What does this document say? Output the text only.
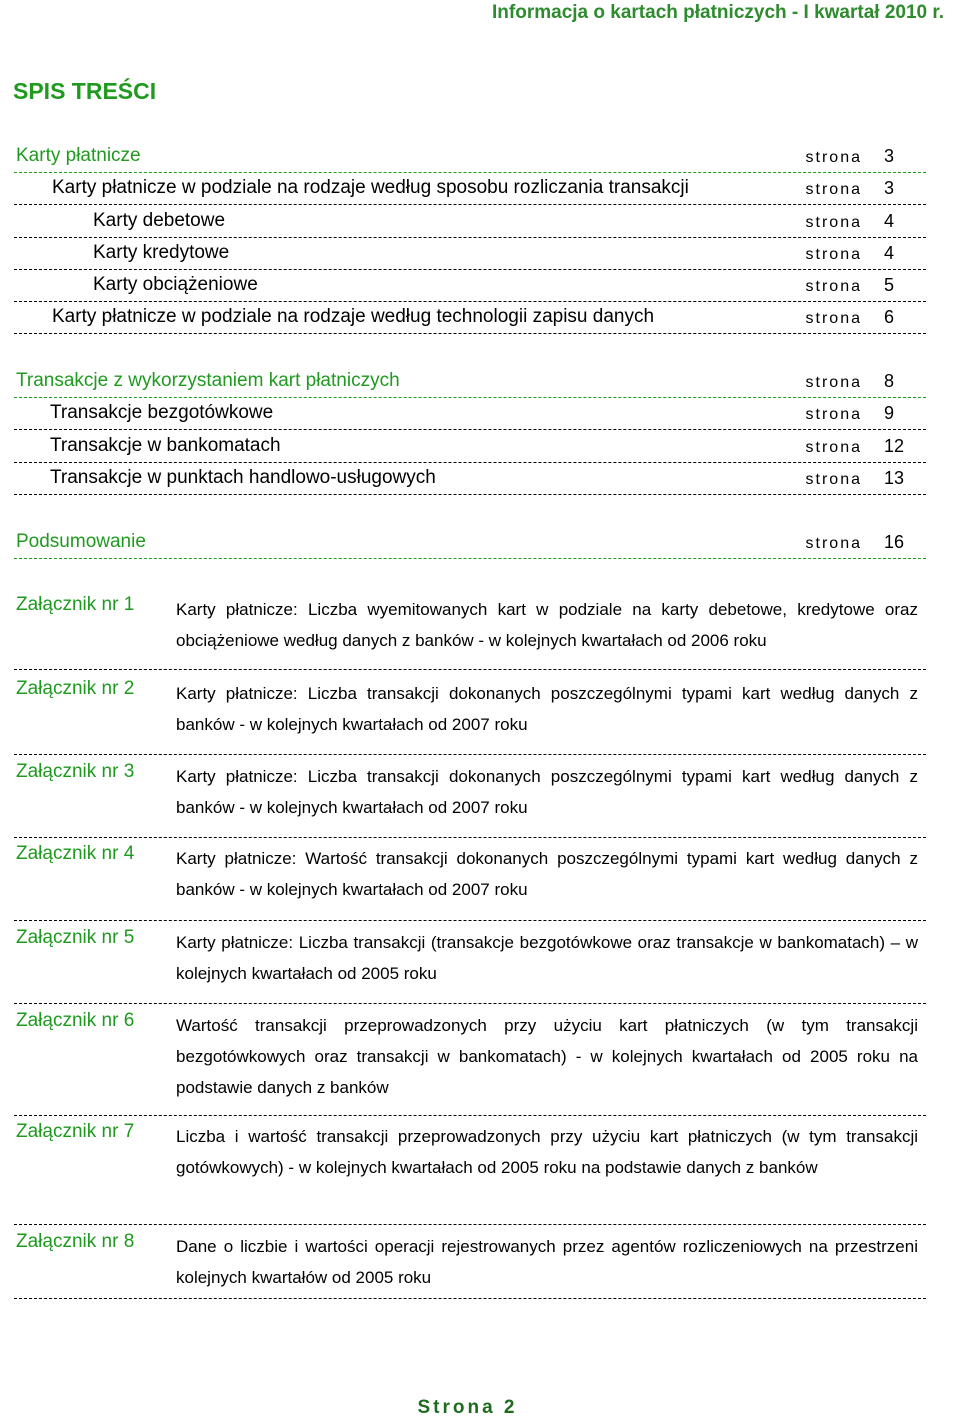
Informacja o kartach płatniczych - I kwartał 2010 r.
SPIS TREŚCI
Karty płatnicze	strona 3
Karty płatnicze w podziale na rodzaje według sposobu rozliczania transakcji	strona 3
Karty debetowe	strona 4
Karty kredytowe	strona 4
Karty obciążeniowe	strona 5
Karty płatnicze w podziale na rodzaje według technologii zapisu danych	strona 6
Transakcje z wykorzystaniem kart płatniczych	strona 8
Transakcje bezgotówkowe	strona 9
Transakcje w bankomatach	strona 12
Transakcje w punktach handlowo-usługowych	strona 13
Podsumowanie	strona 16
Załącznik nr 1 Karty płatnicze: Liczba wyemitowanych kart w podziale na karty debetowe, kredytowe oraz obciążeniowe według danych z banków - w kolejnych kwartałach od 2006 roku
Załącznik nr 2 Karty płatnicze: Liczba transakcji dokonanych poszczególnymi typami kart według danych z banków - w kolejnych kwartałach od 2007 roku
Załącznik nr 3 Karty płatnicze: Liczba transakcji dokonanych poszczególnymi typami kart według danych z banków - w kolejnych kwartałach od 2007 roku
Załącznik nr 4 Karty płatnicze: Wartość transakcji dokonanych poszczególnymi typami kart według danych z banków - w kolejnych kwartałach od 2007 roku
Załącznik nr 5 Karty płatnicze: Liczba transakcji (transakcje bezgotówkowe oraz transakcje w bankomatach) – w kolejnych kwartałach od 2005 roku
Załącznik nr 6 Wartość transakcji przeprowadzonych przy użyciu kart płatniczych (w tym transakcji bezgotówkowych oraz transakcji w bankomatach) - w kolejnych kwartałach od 2005 roku na podstawie danych z banków
Załącznik nr 7 Liczba i wartość transakcji przeprowadzonych przy użyciu kart płatniczych (w tym transakcji gotówkowych) - w kolejnych kwartałach od 2005 roku na podstawie danych z banków
Załącznik nr 8 Dane o liczbie i wartości operacji rejestrowanych przez agentów rozliczeniowych na przestrzeni kolejnych kwartałów od 2005 roku
Strona 2
